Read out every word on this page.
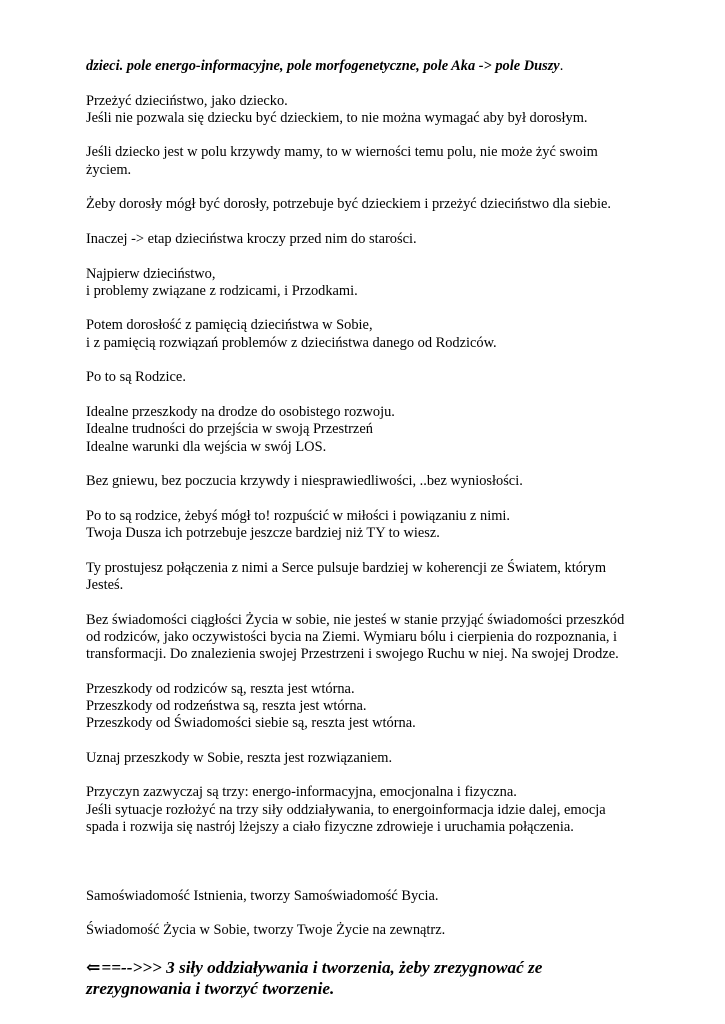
dzieci. pole energo-informacyjne, pole morfogenetyczne, pole Aka -> pole Duszy.

Przeżyć dzieciństwo, jako dziecko.
Jeśli nie pozwala się dziecku być dzieckiem, to nie można wymagać aby był dorosłym.

Jeśli dziecko jest w polu krzywdy mamy, to w wierności temu polu, nie może żyć swoim
życiem.

Żeby dorosły mógł być dorosły, potrzebuje być dzieckiem i przeżyć dzieciństwo dla siebie.

Inaczej -> etap dzieciństwa kroczy przed nim do starości.

Najpierw dzieciństwo,
i problemy związane z rodzicami, i Przodkami.

Potem dorosłość z pamięcią dzieciństwa w Sobie,
i z pamięcią rozwiązań problemów z dzieciństwa danego od Rodziców.

Po to są Rodzice.

Idealne przeszkody na drodze do osobistego rozwoju.
Idealne trudności do przejścia w swoją Przestrzeń
Idealne warunki dla wejścia w swój LOS.

Bez gniewu, bez poczucia krzywdy i niesprawiedliwości, ..bez wyniosłości.

Po to są rodzice, żebyś mógł to! rozpuścić w miłości i powiązaniu z nimi.
Twoja Dusza ich potrzebuje jeszcze bardziej niż TY to wiesz.

Ty prostujesz połączenia z nimi a Serce pulsuje bardziej w koherencji ze Światem, którym
Jesteś.

Bez świadomości ciągłości Życia w sobie, nie jesteś w stanie przyjąć świadomości przeszkód
od rodziców, jako oczywistości bycia na Ziemi. Wymiaru bólu i cierpienia do rozpoznania, i
transformacji. Do znalezienia swojej Przestrzeni i swojego Ruchu w niej. Na swojej Drodze.

Przeszkody od rodziców są, reszta jest wtórna.
Przeszkody od rodzeństwa są, reszta jest wtórna.
Przeszkody od Świadomości siebie są, reszta jest wtórna.

Uznaj przeszkody w Sobie, reszta jest rozwiązaniem.

Przyczyn zazwyczaj są trzy: energo-informacyjna, emocjonalna i fizyczna.
Jeśli sytuacje rozłożyć na trzy siły oddziaływania, to energoinformacja idzie dalej, emocja
spada i rozwija się nastrój lżejszy a ciało fizyczne zdrowieje i uruchamia połączenia.

Samoświadomość Istnienia, tworzy Samoświadomość Bycia.

Świadomość Życia w Sobie, tworzy Twoje Życie na zewnątrz.

⇐==-->>> 3 siły oddziaływania i tworzenia, żeby zrezygnować ze
zrezygnowania i tworzyć tworzenie.
